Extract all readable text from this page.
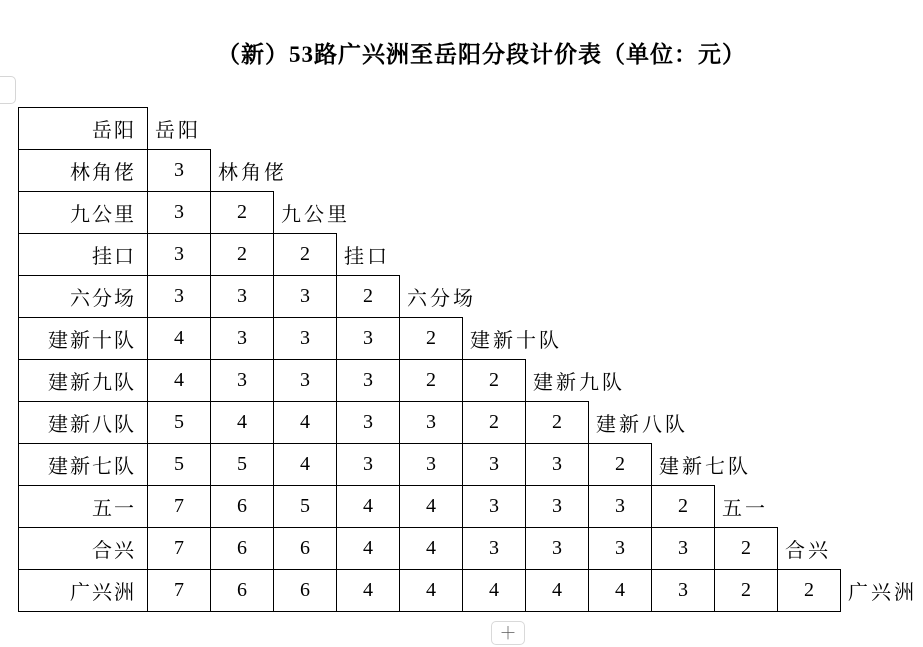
（新）53路广兴洲至岳阳分段计价表（单位：元）
岳阳 岳阳
林角佬	3	林角佬
九公里	3	2	九公里
挂口	3	2	2	挂口
六分场	3	3	3	2	六分场
建新十队	4	3	3	3	2	建新十队
建新九队	4	3	3	3	2	2	建新九队
建新八队	5	4	4	3	3	2	2	建新八队
建新七队	5	5	4	3	3	3	3	2	建新七队
五一	7	6	5	4	4	3	3	3	2	五一
合兴	7	6	6	4	4	3	3	3	3	2	合兴
广兴洲	7	6	6	4	4	4	4	4	3	2	2	广兴洲
＋
